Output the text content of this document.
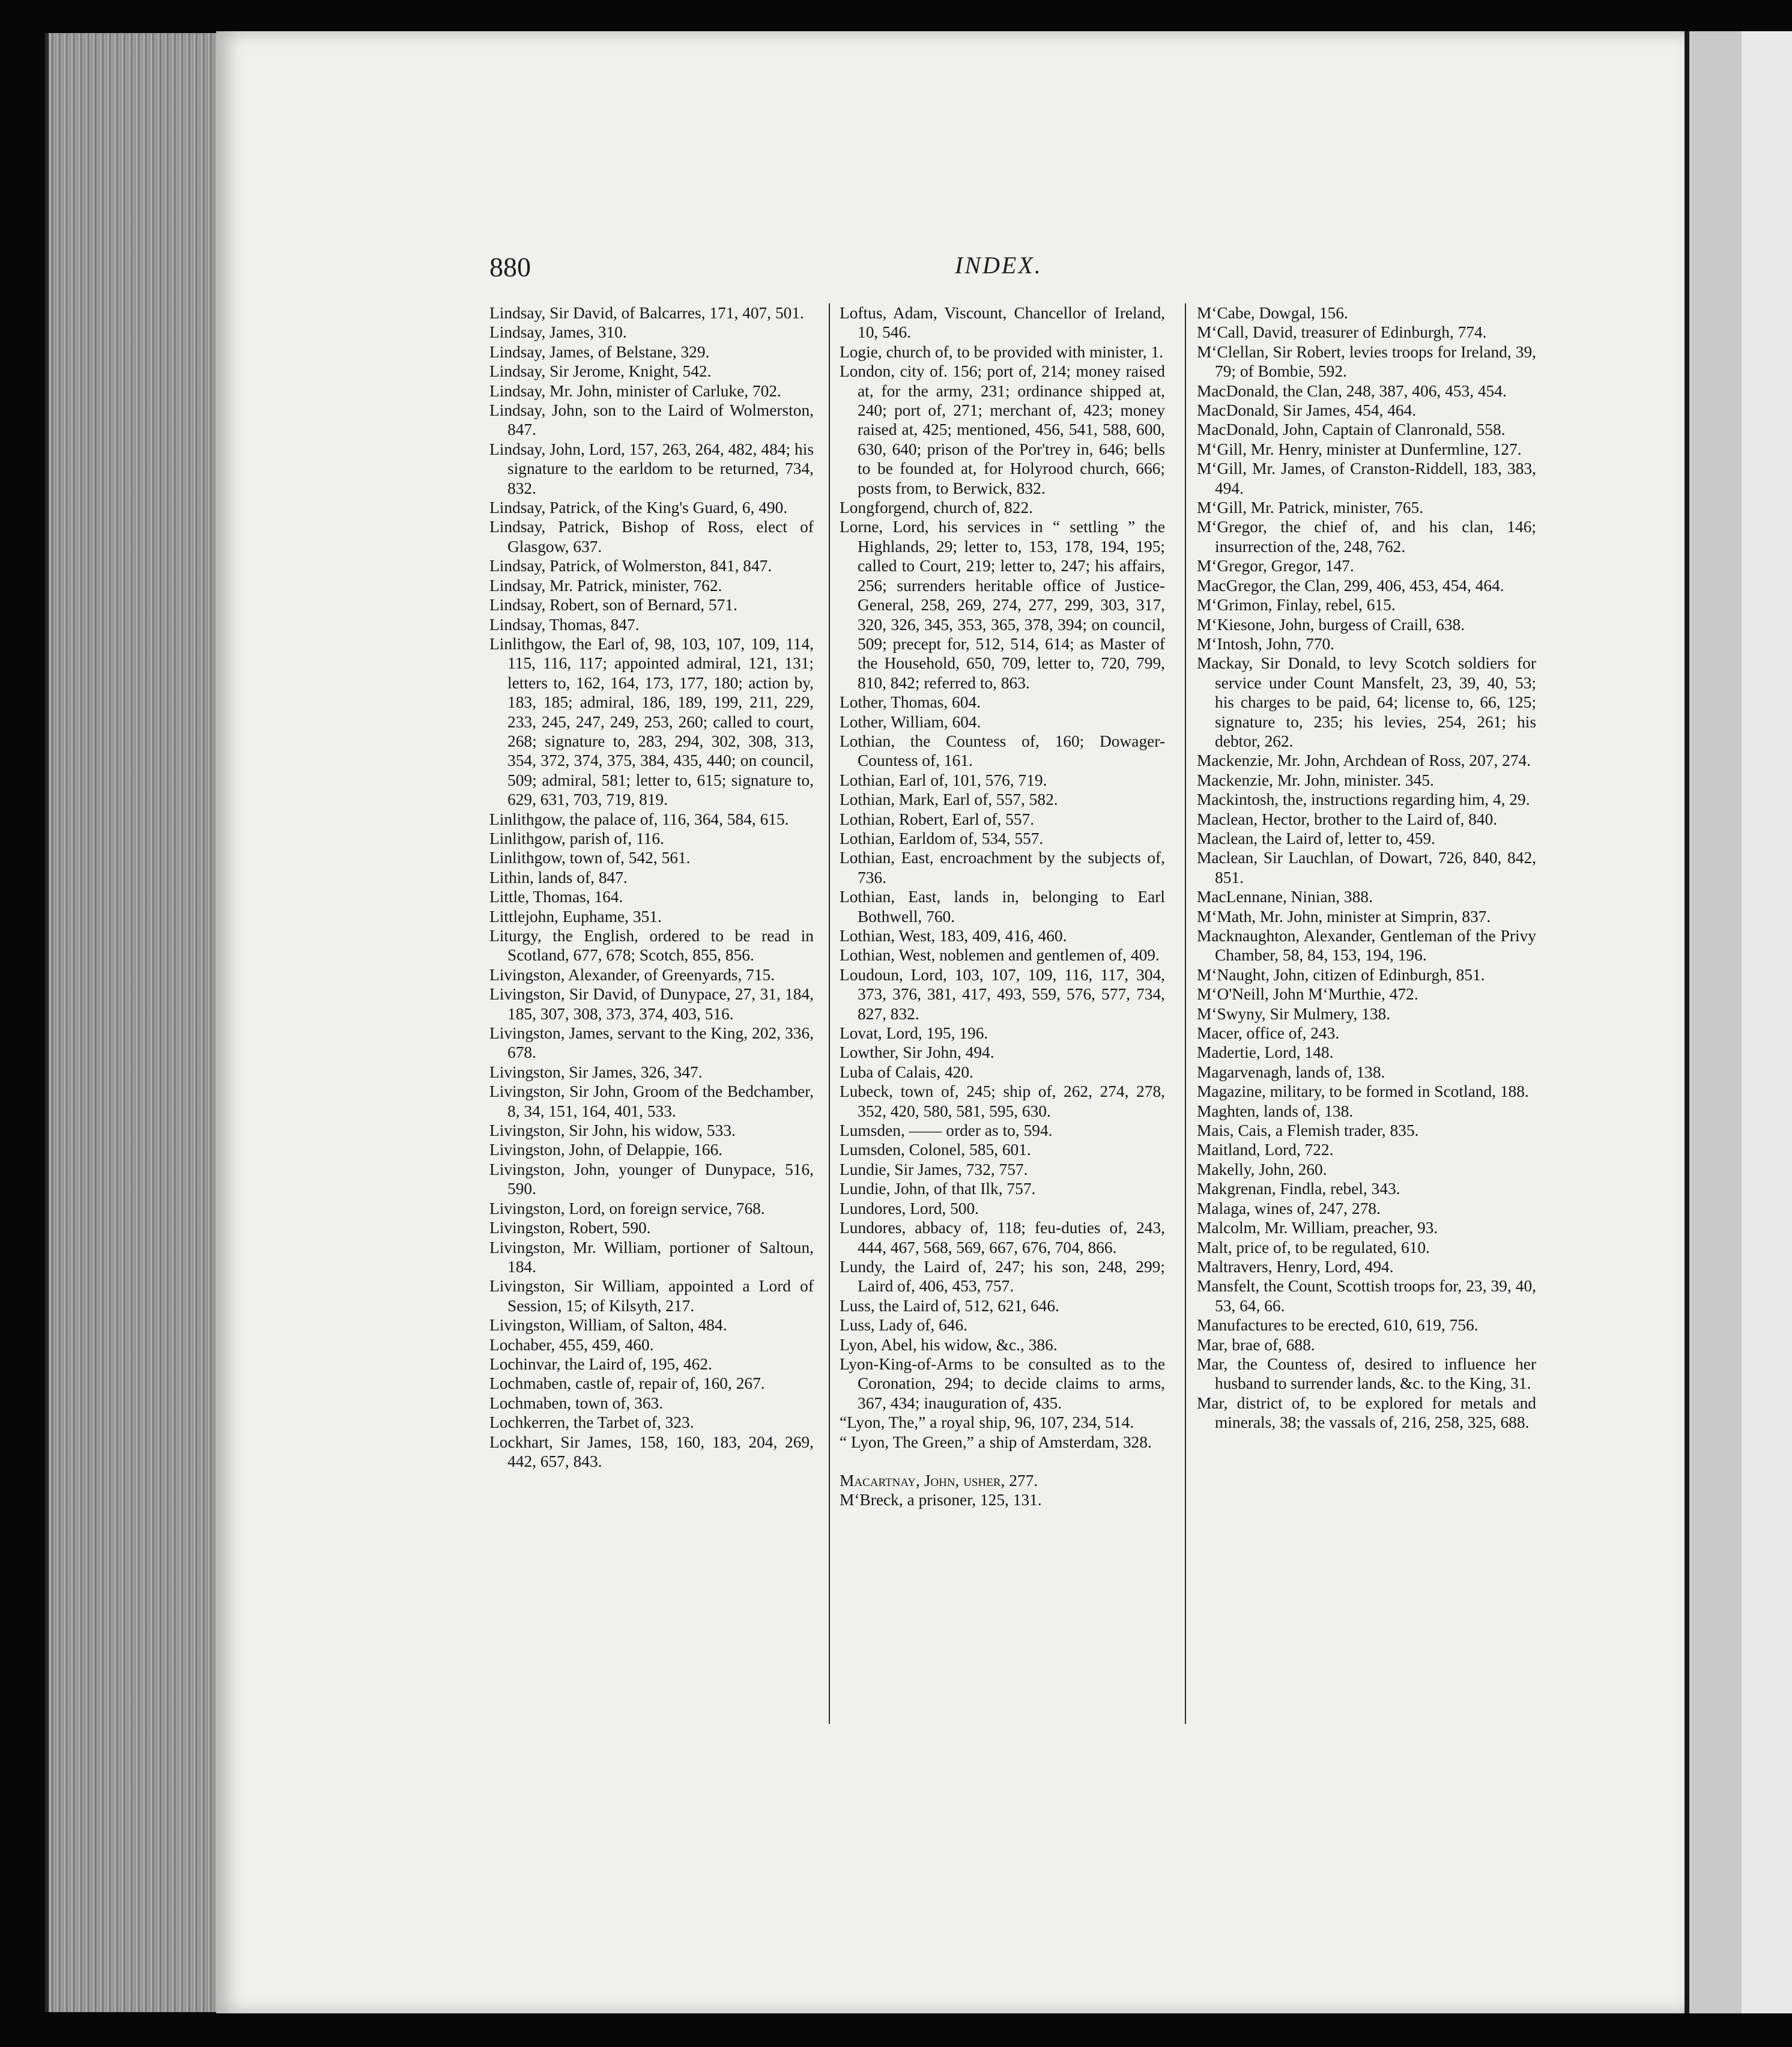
880	INDEX.
Lindsay, Sir David, of Balcarres, 171, 407, 501.
Lindsay, James, 310.
Lindsay, James, of Belstane, 329.
Lindsay, Sir Jerome, Knight, 542.
Lindsay, Mr. John, minister of Carluke, 702.
Lindsay, John, son to the Laird of Wolmerston, 847.
Lindsay, John, Lord, 157, 263, 264, 482, 484; his signature to the earldom to be returned, 734, 832.
Lindsay, Patrick, of the King's Guard, 6, 490.
Lindsay, Patrick, Bishop of Ross, elect of Glasgow, 637.
Lindsay, Patrick, of Wolmerston, 841, 847.
Lindsay, Mr. Patrick, minister, 762.
Lindsay, Robert, son of Bernard, 571.
Lindsay, Thomas, 847.
Linlithgow, the Earl of, 98, 103, 107, 109, 114, 115, 116, 117; appointed admiral, 121, 131; letters to, 162, 164, 173, 177, 180; action by, 183, 185; admiral, 186, 189, 199, 211, 229, 233, 245, 247, 249, 253, 260; called to court, 268; signature to, 283, 294, 302, 308, 313, 354, 372, 374, 375, 384, 435, 440; on council, 509; admiral, 581; letter to, 615; signature to, 629, 631, 703, 719, 819.
Linlithgow, the palace of, 116, 364, 584, 615.
Linlithgow, parish of, 116.
Linlithgow, town of, 542, 561.
Lithin, lands of, 847.
Little, Thomas, 164.
Littlejohn, Euphame, 351.
Liturgy, the English, ordered to be read in Scotland, 677, 678; Scotch, 855, 856.
Livingston, Alexander, of Greenyards, 715.
Livingston, Sir David, of Dunypace, 27, 31, 184, 185, 307, 308, 373, 374, 403, 516.
Livingston, James, servant to the King, 202, 336, 678.
Livingston, Sir James, 326, 347.
Livingston, Sir John, Groom of the Bedchamber, 8, 34, 151, 164, 401, 533.
Livingston, Sir John, his widow, 533.
Livingston, John, of Delappie, 166.
Livingston, John, younger of Dunypace, 516, 590.
Livingston, Lord, on foreign service, 768.
Livingston, Robert, 590.
Livingston, Mr. William, portioner of Saltoun, 184.
Livingston, Sir William, appointed a Lord of Session, 15; of Kilsyth, 217.
Livingston, William, of Salton, 484.
Lochaber, 455, 459, 460.
Lochinvar, the Laird of, 195, 462.
Lochmaben, castle of, repair of, 160, 267.
Lochmaben, town of, 363.
Lochkerren, the Tarbet of, 323.
Lockhart, Sir James, 158, 160, 183, 204, 269, 442, 657, 843.
Loftus, Adam, Viscount, Chancellor of Ireland, 10, 546.
Logie, church of, to be provided with minister, 1.
London, city of. 156; port of, 214; money raised at, for the army, 231; ordinance shipped at, 240; port of, 271; merchant of, 423; money raised at, 425; mentioned, 456, 541, 588, 600, 630, 640; prison of the Por'trey in, 646; bells to be founded at, for Holyrood church, 666; posts from, to Berwick, 832.
Longforgend, church of, 822.
Lorne, Lord, his services in “ settling ” the Highlands, 29; letter to, 153, 178, 194, 195; called to Court, 219; letter to, 247; his affairs, 256; surrenders heritable office of Justice-General, 258, 269, 274, 277, 299, 303, 317, 320, 326, 345, 353, 365, 378, 394; on council, 509; precept for, 512, 514, 614; as Master of the Household, 650, 709, letter to, 720, 799, 810, 842; referred to, 863.
Lother, Thomas, 604.
Lother, William, 604.
Lothian, the Countess of, 160; Dowager-Countess of, 161.
Lothian, Earl of, 101, 576, 719.
Lothian, Mark, Earl of, 557, 582.
Lothian, Robert, Earl of, 557.
Lothian, Earldom of, 534, 557.
Lothian, East, encroachment by the subjects of, 736.
Lothian, East, lands in, belonging to Earl Bothwell, 760.
Lothian, West, 183, 409, 416, 460.
Lothian, West, noblemen and gentlemen of, 409.
Loudoun, Lord, 103, 107, 109, 116, 117, 304, 373, 376, 381, 417, 493, 559, 576, 577, 734, 827, 832.
Lovat, Lord, 195, 196.
Lowther, Sir John, 494.
Luba of Calais, 420.
Lubeck, town of, 245; ship of, 262, 274, 278, 352, 420, 580, 581, 595, 630.
Lumsden, —— order as to, 594.
Lumsden, Colonel, 585, 601.
Lundie, Sir James, 732, 757.
Lundie, John, of that Ilk, 757.
Lundores, Lord, 500.
Lundores, abbacy of, 118; feu-duties of, 243, 444, 467, 568, 569, 667, 676, 704, 866.
Lundy, the Laird of, 247; his son, 248, 299; Laird of, 406, 453, 757.
Luss, the Laird of, 512, 621, 646.
Luss, Lady of, 646.
Lyon, Abel, his widow, &c., 386.
Lyon-King-of-Arms to be consulted as to the Coronation, 294; to decide claims to arms, 367, 434; inauguration of, 435.
“Lyon, The,” a royal ship, 96, 107, 234, 514.
“ Lyon, The Green,” a ship of Amsterdam, 328.
Macartnay, John, usher, 277.
M‘Breck, a prisoner, 125, 131.
M‘Cabe, Dowgal, 156.
M‘Call, David, treasurer of Edinburgh, 774.
M‘Clellan, Sir Robert, levies troops for Ireland, 39, 79; of Bombie, 592.
MacDonald, the Clan, 248, 387, 406, 453, 454.
MacDonald, Sir James, 454, 464.
MacDonald, John, Captain of Clanronald, 558.
M‘Gill, Mr. Henry, minister at Dunfermline, 127.
M‘Gill, Mr. James, of Cranston-Riddell, 183, 383, 494.
M‘Gill, Mr. Patrick, minister, 765.
M‘Gregor, the chief of, and his clan, 146; insurrection of the, 248, 762.
M‘Gregor, Gregor, 147.
MacGregor, the Clan, 299, 406, 453, 454, 464.
M‘Grimon, Finlay, rebel, 615.
M‘Kiesone, John, burgess of Craill, 638.
M‘Intosh, John, 770.
Mackay, Sir Donald, to levy Scotch soldiers for service under Count Mansfelt, 23, 39, 40, 53; his charges to be paid, 64; license to, 66, 125; signature to, 235; his levies, 254, 261; his debtor, 262.
Mackenzie, Mr. John, Archdean of Ross, 207, 274.
Mackenzie, Mr. John, minister. 345.
Mackintosh, the, instructions regarding him, 4, 29.
Maclean, Hector, brother to the Laird of, 840.
Maclean, the Laird of, letter to, 459.
Maclean, Sir Lauchlan, of Dowart, 726, 840, 842, 851.
MacLennane, Ninian, 388.
M‘Math, Mr. John, minister at Simprin, 837.
Macknaughton, Alexander, Gentleman of the Privy Chamber, 58, 84, 153, 194, 196.
M‘Naught, John, citizen of Edinburgh, 851.
M‘O'Neill, John M‘Murthie, 472.
M‘Swyny, Sir Mulmery, 138.
Macer, office of, 243.
Madertie, Lord, 148.
Magarvenagh, lands of, 138.
Magazine, military, to be formed in Scotland, 188.
Maghten, lands of, 138.
Mais, Cais, a Flemish trader, 835.
Maitland, Lord, 722.
Makelly, John, 260.
Makgrenan, Findla, rebel, 343.
Malaga, wines of, 247, 278.
Malcolm, Mr. William, preacher, 93.
Malt, price of, to be regulated, 610.
Maltravers, Henry, Lord, 494.
Mansfelt, the Count, Scottish troops for, 23, 39, 40, 53, 64, 66.
Manufactures to be erected, 610, 619, 756.
Mar, brae of, 688.
Mar, the Countess of, desired to influence her husband to surrender lands, &c. to the King, 31.
Mar, district of, to be explored for metals and minerals, 38; the vassals of, 216, 258, 325, 688.
